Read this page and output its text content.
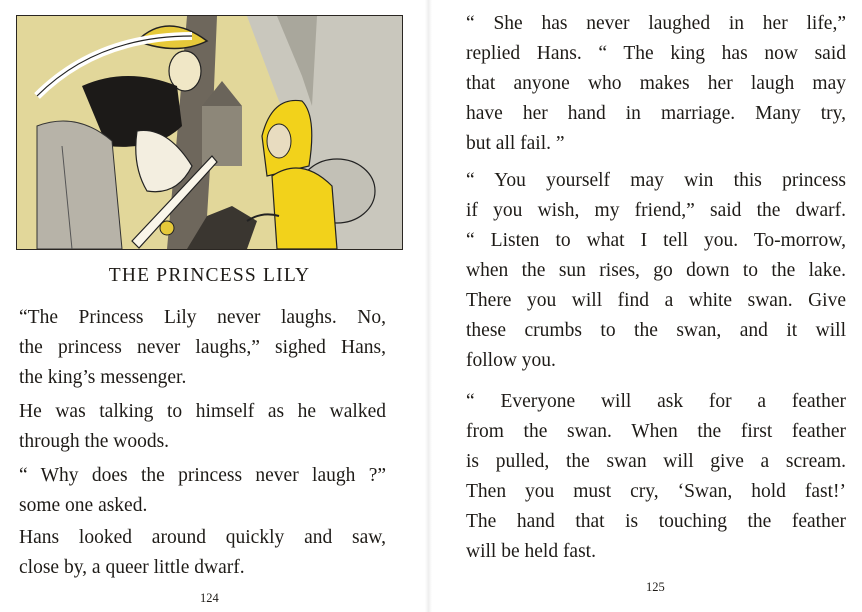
THE PRINCESS LILY

“The Princess Lily never laughs. No,
the princess never laughs,” sighed Hans,
the king’s messenger.

He was talking to himself as he walked
through the woods.

“ Why does the princess never laugh ?”
some one asked.

Hans looked around quickly and saw,
close by, a queer little dwarf.

124

“ She has never laughed in her life,”
replied Hans. “ The king has now said
that anyone who makes her laugh may
have her hand in marriage. Many try,
but all fail. ”

“ You yourself may win this princess
if you wish, my friend,” said the dwarf.
“ Listen to what I tell you. To-morrow,
when the sun rises, go down to the lake.
There you will find a white swan. Give
these crumbs to the swan, and it will
follow you.

“ Everyone will ask for a feather
from the swan. When the first feather
is pulled, the swan will give a scream.
Then you must cry, ‘Swan, hold fast!’
The hand that is touching the feather
will be held fast.

125
